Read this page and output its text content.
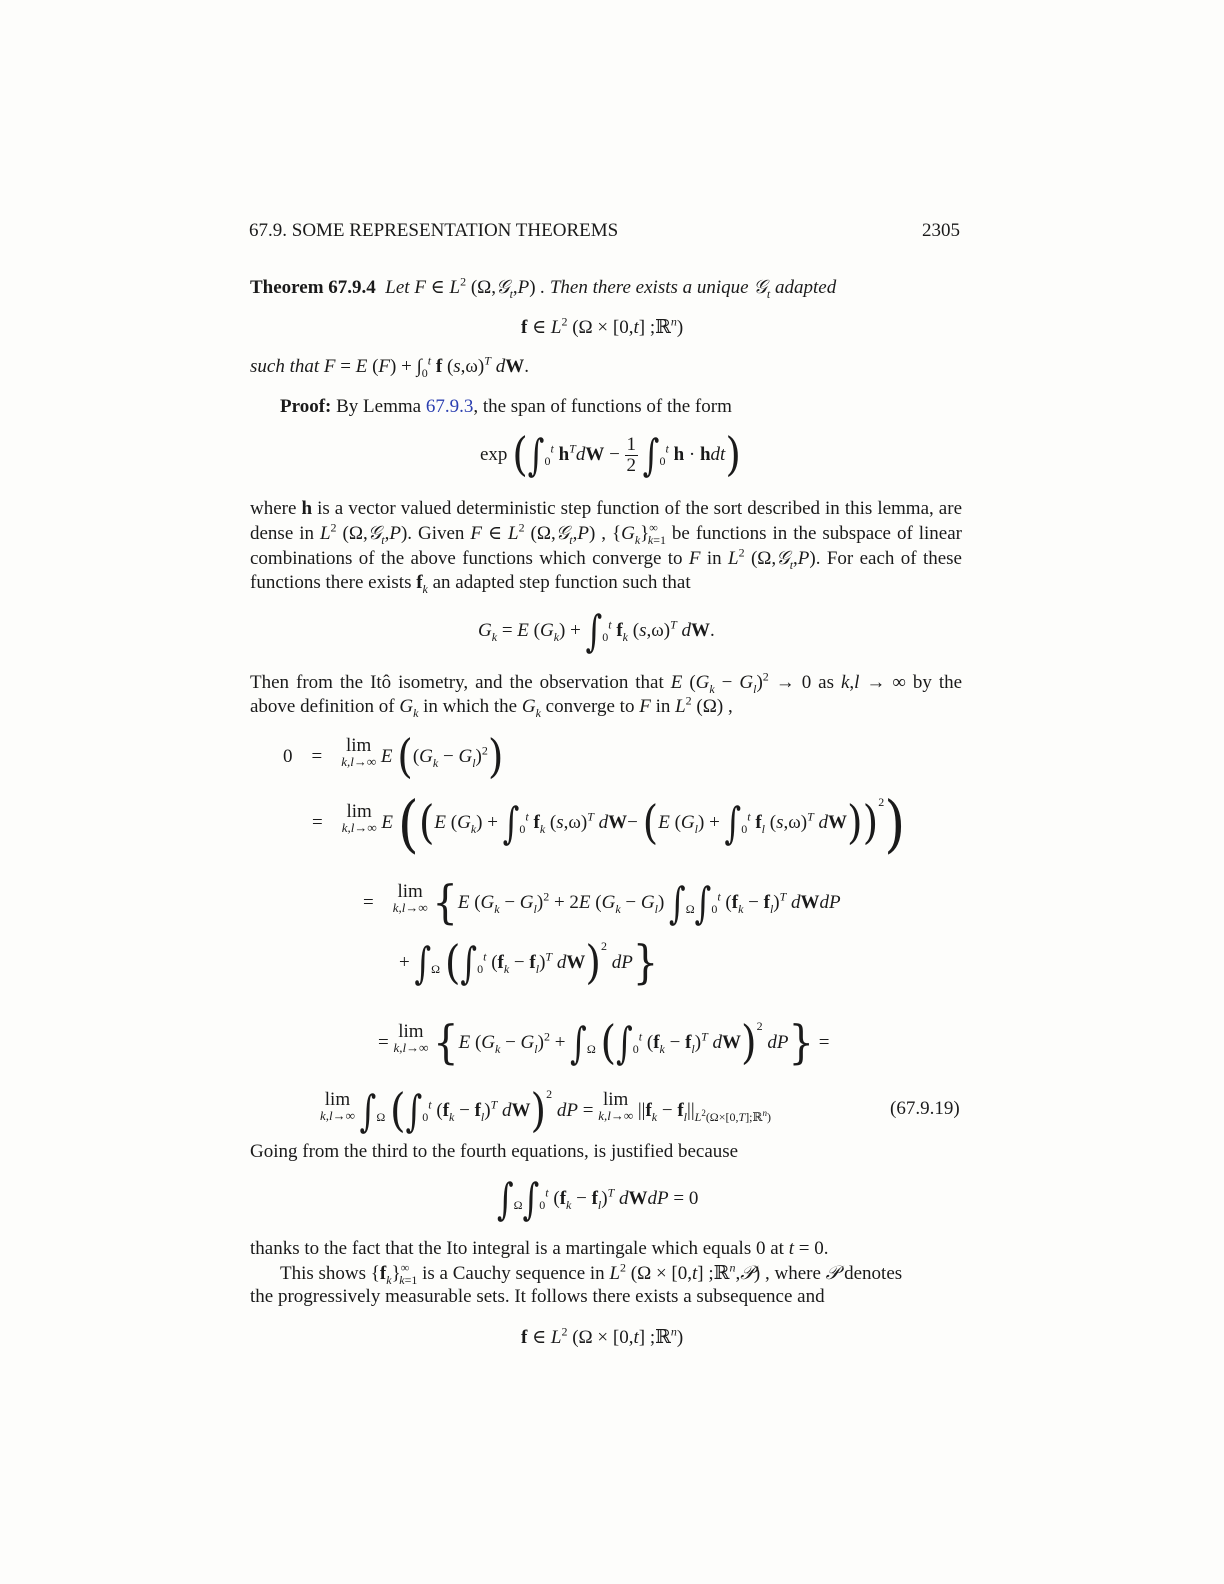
67.9. SOME REPRESENTATION THEOREMS	2305
Theorem 67.9.4 Let F ∈ $L^2$ (Ω,𝒢$_t$,P) . Then there exists a unique 𝒢$_t$ adapted
f ∈ $L^2$ (Ω × [0,t] ;ℝ$^n$)
such that F = E $(F) + \int_0^t$ f $(s,\omega)^T$ dW.
Proof: By Lemma 67.9.3, the span of functions of the form
$\exp (\int_0^t$ $h^TdW - \frac{1}{2} \int_0^t$ h · hdt)
where h is a vector valued deterministic step function of the sort described in this lemma, are dense in $L^2$ (Ω,𝒢$_t$,P). Given F ∈ $L^2$ (Ω,𝒢$_t$,P) , $\{G_k\}^\infty_{k=1}$ be functions in the subspace of linear combinations of the above functions which converge to F in $L^2$ (Ω,𝒢$_t$,P). For each of these functions there exists $f_k$ an adapted step function such that
$G_k = E$ $(G_k) + \int_0^t$ $f_k$ $(s,\omega)^T$ dW.
Then from the Itô isometry, and the observation that E $(G_k - G_l)^2 \to 0$ as k,l → ∞ by the above definition of $G_k$ in which the $G_k$ converge to F in $L^2$ (Ω) ,
0    =
lim
k,l→∞ E $((G_k - G_l)^2)$
=
lim
k,l→∞ E ((E $(G_k) + \int_0^t$ $f_k$ $(s,\omega)^T$ dW− (E $(G_l) + \int_0^t$ $f_l$ $(s,\omega)^T$ dW))$^2$)
=
lim
k,l→∞ {E $(G_k - G_l)^2 + 2E$ $(G_k - G_l)$ $\int_\Omega\int_0^t$ $(f_k - f_l)^T$ dWdP
+ $\int_\Omega$ ($\int_0^t$ $(f_k - f_l)^T$ dW)$^2$ dP}
=
lim
k,l→∞ {E $(G_k - G_l)^2 + \int_\Omega$ ($\int_0^t$ $(f_k - f_l)^T$ dW)$^2$ dP} =
lim
k,l→∞ $\int_\Omega$ ($\int_0^t$ $(f_k - f_l)^T$ dW)$^2$ dP =
lim
k,l→∞ $||f_k - f_l||_{L^2(\Omega\times[0,T];ℝ^n)}$	(67.9.19)
Going from the third to the fourth equations, is justified because
$\int_\Omega\int_0^t$ $(f_k - f_l)^T$ dWdP = 0
thanks to the fact that the Ito integral is a martingale which equals 0 at t = 0.
This shows $\{f_k\}^\infty_{k=1}$ is a Cauchy sequence in $L^2$ (Ω × [0,t] ;ℝ$^n$,𝒫) , where 𝒫 denotes
the progressively measurable sets. It follows there exists a subsequence and
f ∈ $L^2$ (Ω × [0,t] ;ℝ$^n$)
